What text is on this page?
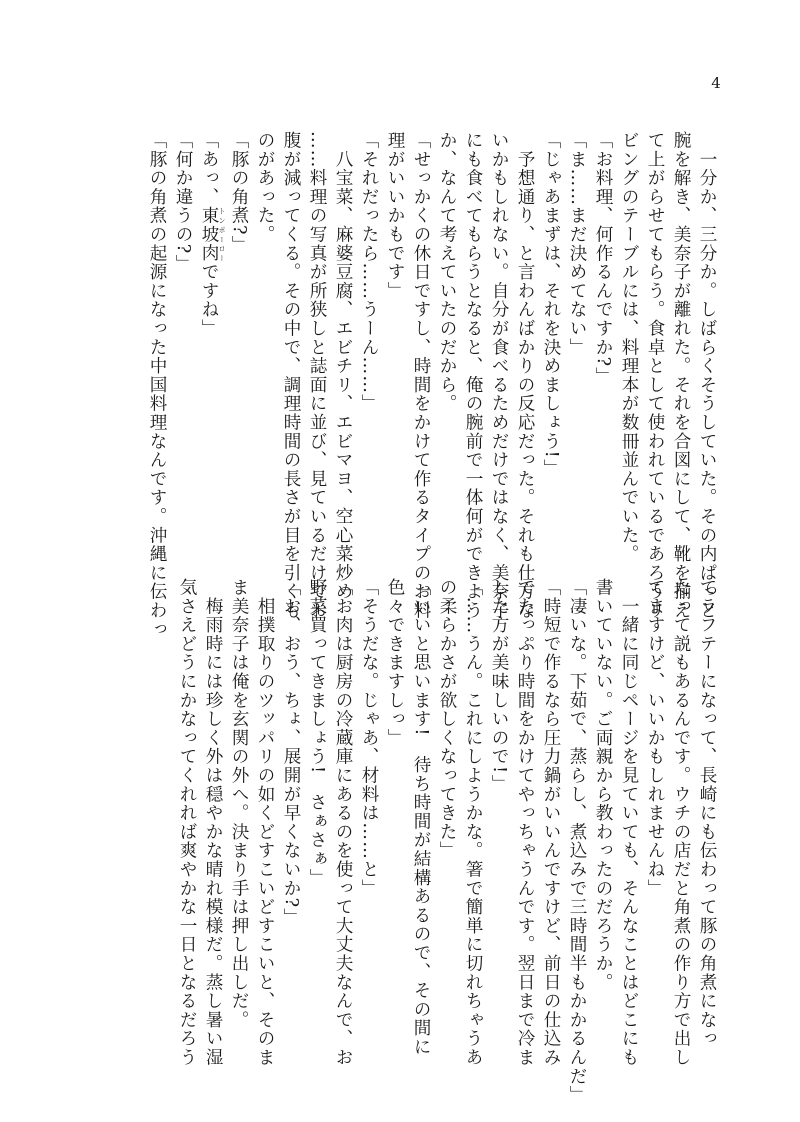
4
　一分か、三分か。しばらくそうしていた。その内ぱっと
腕を解き、美奈子が離れた。それを合図にして、靴を揃え
て上がらせてもらう。食卓として使われているであろうリ
ビングのテーブルには、料理本が数冊並んでいた。
「お料理、何作るんですか?」
「ま……まだ決めてない」
「じゃあまずは、それを決めましょう!」
　予想通り、と言わんばかりの反応だった。それも仕方な
いかもしれない。自分が食べるためだけではなく、美奈子
にも食べてもらうとなると、俺の腕前で一体何ができよう
か、なんて考えていたのだから。
「せっかくの休日ですし、時間をかけて作るタイプのお料
理がいいかもです」
「それだったら……うーん……」
　八宝菜、麻婆豆腐、エビチリ、エビマヨ、空心菜炒め
……料理の写真が所狭しと誌面に並び、見ているだけでお
腹が減ってくる。その中で、調理時間の長さが目を引くも
のがあった。
「豚の角煮?」
「あっ、東坡肉 トンポーローですね」
「何か違うの?」
「豚の角煮の起源になった中国料理なんです。沖縄に伝わっ
てラフテーになって、長崎にも伝わって豚の角煮になっ
たって説もあるんです。ウチの店だと角煮の作り方で出し
てますけど、いいかもしれませんね」
　一緒に同じページを見ていても、そんなことはどこにも
書いていない。ご両親から教わったのだろうか。
「凄いな。下茹で、蒸らし、煮込みで三時間半もかかるんだ」
「時短で作るなら圧力鍋がいいんですけど、前日の仕込み
でたっぷり時間をかけてやっちゃうんです。翌日まで冷ま
した方が美味しいので!」
「……うん。これにしようかな。箸で簡単に切れちゃうあ
の柔らかさが欲しくなってきた」
「いいと思います!　待ち時間が結構あるので、その間に
色々できますしっ」
「そうだな。じゃあ、材料は……と」
「お肉は厨房の冷蔵庫にあるのを使って大丈夫なんで、お
野菜買ってきましょう!　さぁさぁ」
「お、おう、ちょ、展開が早くないか?」
　相撲取りのツッパリの如くどすこいどすこいと、そのま
ま美奈子は俺を玄関の外へ。決まり手は押し出しだ。
　梅雨時には珍しく外は穏やかな晴れ模様だ。蒸し暑い湿
気さえどうにかなってくれれば爽やかな一日となるだろう
